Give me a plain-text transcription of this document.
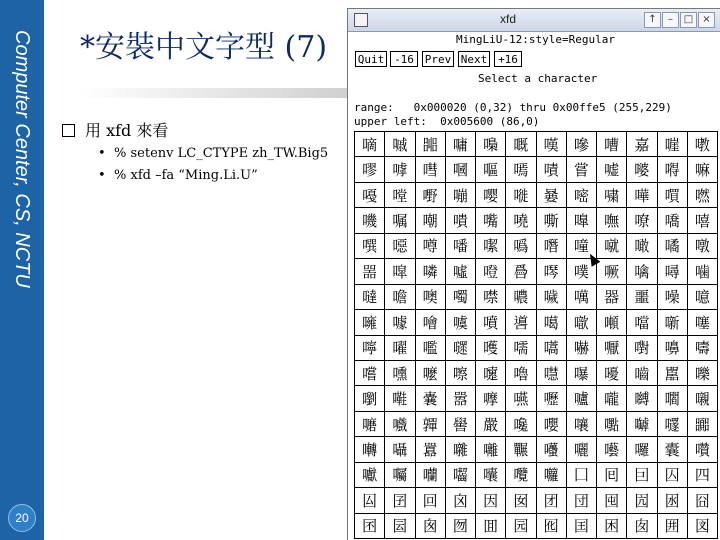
Computer Center, CS, NCTU
20
*安裝中文字型 (7)
用 xfd 來看
• % setenv LC_CTYPE zh_TW.Big5
• % xfd –fa “Ming.Li.U”
xfd	↑	–	□ ×
MingLiU-12:style=Regular
Quit -16 Prev Next +16
Select a character
range:   0x000020 (0,32) thru 0x00ffe5 (255,229)
upper left:  0x005600 (86,0)
嘀	嘁	嘂	嘃	嘄	嘅	嘆	嘇	嘈	嘉	嘊	嘋
嘐	嘑	嘒	嘓	嘔	嘕	嘖	嘗	嘘	嘙	嘚	嘛
嘠	嘡	嘢	嘣	嘤	嘥	嘦	嘧	嘨	嘩	嘪	嘫
嘰	嘱	嘲	嘳	嘴	嘵	嘶	嘷	嘸	嘹	嘺	嘻
噀	噁	噂	噃	噄	噅	噆	噇	噈	噉	噊	噋
噐	噑	噒	噓	噔	噕	噖	噗	噘	噙	噚	噛
噠	噡	噢	噣	噤	噥	噦	噧	器	噩	噪	噫
噰	噱	噲	噳	噴	噵	噶	噷	噸	噹	噺	噻
嚀	嚁	嚂	嚃	嚄	嚅	嚆	嚇	嚈	嚉	嚊	嚋
嚐	嚑	嚒	嚓	嚔	嚕	嚖	嚗	嚘	嚙	嚚	嚛
嚠	嚡	嚢	嚣	嚤	嚥	嚦	嚧	嚨	嚩	嚪	嚫
嚰	嚱	嚲	嚳	嚴	嚵	嚶	嚷	嚸	嚹	嚺	嚻
囀	囁	囂	囃	囄	囅	囆	囇	囈	囉	囊	囋
囐	囑	囒	囓	囔	囕	囖	囗	囘	囙	囚	四
囜	囝	回	囟	因	囡	团	団	囤	囥	囦	囧
囨	囩	囪	囫	囬	园	囮	囯	困	囱	囲	図
